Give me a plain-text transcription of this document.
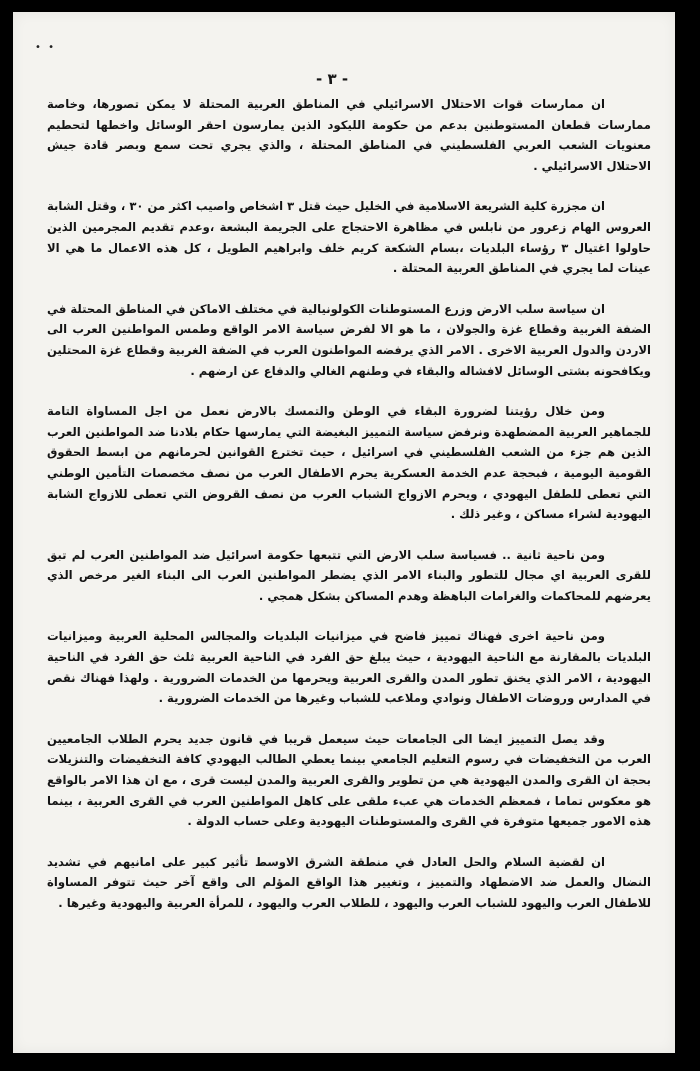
• •
- ٣ -

ان ممارسات قوات الاحتلال الاسرائيلي في المناطق العربية المحتلة لا يمكن تصورها، وخاصة ممارسات قطعان المستوطنين بدعم من حكومة الليكود الذين يمارسون احقر الوسائل واخطها لتحطيم معنويات الشعب العربي الفلسطيني في المناطق المحتلة ، والذي يجري تحت سمع وبصر قادة جيش الاحتلال الاسرائيلي .

ان مجزرة كلية الشريعة الاسلامية في الخليل حيث قتل ٣ اشخاص واصيب اكثر من ٣٠ ، وقتل الشابة العروس الهام زعرور من نابلس في مظاهرة الاحتجاج على الجريمة البشعة ،وعدم تقديم المجرمين الذين حاولوا اغتيال ٣ رؤساء البلديات ،بسام الشكعة كريم خلف وابراهيم الطويل ، كل هذه الاعمال ما هي الا عينات لما يجري في المناطق العربية المحتلة .

ان سياسة سلب الارض وزرع المستوطنات الكولونيالية في مختلف الاماكن في المناطق المحتلة في الضفة الغربية وقطاع غزة والجولان ، ما هو الا لفرض سياسة الامر الواقع وطمس المواطنين العرب الى الاردن والدول العربية الاخرى . الامر الذي يرفضه المواطنون العرب في الضفة الغربية وقطاع غزة المحتلين ويكافحونه بشتى الوسائل لافشاله والبقاء في وطنهم الغالي والدفاع عن ارضهم .

ومن خلال رؤيتنا لضرورة البقاء في الوطن والتمسك بالارض نعمل من اجل المساواة التامة للجماهير العربية المضطهدة ونرفض سياسة التمييز البغيضة التي يمارسها حكام بلادنا ضد المواطنين العرب الذين هم جزء من الشعب الفلسطيني في اسرائيل ، حيث تخترع القوانين لحرمانهم من ابسط الحقوق القومية اليومية ، فبحجة عدم الخدمة العسكرية يحرم الاطفال العرب من نصف مخصصات التأمين الوطني التي تعطى للطفل اليهودي ، ويحرم الازواج الشباب العرب من نصف القروض التي تعطى للازواج الشابة اليهودية لشراء مساكن ، وغير ذلك .

ومن ناحية ثانية .. فسياسة سلب الارض التي تتبعها حكومة اسرائيل ضد المواطنين العرب لم تبق للقرى العربية اي مجال للتطور والبناء الامر الذي يضطر المواطنين العرب الى البناء الغير مرخص الذي يعرضهم للمحاكمات والغرامات الباهظة وهدم المساكن بشكل همجي .

ومن ناحية اخرى فهناك تمييز فاضح في ميزانيات البلديات والمجالس المحلية العربية وميزانيات البلديات بالمقارنة مع الناحية اليهودية ، حيث يبلغ حق الفرد في الناحية العربية ثلث حق الفرد في الناحية اليهودية ، الامر الذي يخنق تطور المدن والقرى العربية ويحرمها من الخدمات الضرورية . ولهذا فهناك نقص في المدارس وروضات الاطفال ونوادي وملاعب للشباب وغيرها من الخدمات الضرورية .

وقد يصل التمييز ايضا الى الجامعات حيث سيعمل قريبا في قانون جديد يحرم الطلاب الجامعيين العرب من التخفيضات في رسوم التعليم الجامعي بينما يعطي الطالب اليهودي كافة التخفيضات والتنزيلات بحجة ان القرى والمدن اليهودية هي من تطوير والقرى العربية والمدن ليست قرى ، مع ان هذا الامر بالواقع هو معكوس تماما ، فمعظم الخدمات هي عبء ملقى على كاهل المواطنين العرب في القرى العربية ، بينما هذه الامور جميعها متوفرة في القرى والمستوطنات اليهودية وعلى حساب الدولة .

ان لقضية السلام والحل العادل في منطقة الشرق الاوسط تأثير كبير على امانيهم في تشديد النضال والعمل ضد الاضطهاد والتمييز ، وتغيير هذا الواقع المؤلم الى واقع آخر حيث تتوفر المساواة للاطفال العرب واليهود للشباب العرب واليهود ، للطلاب العرب واليهود ، للمرأة العربية واليهودية وغيرها .
